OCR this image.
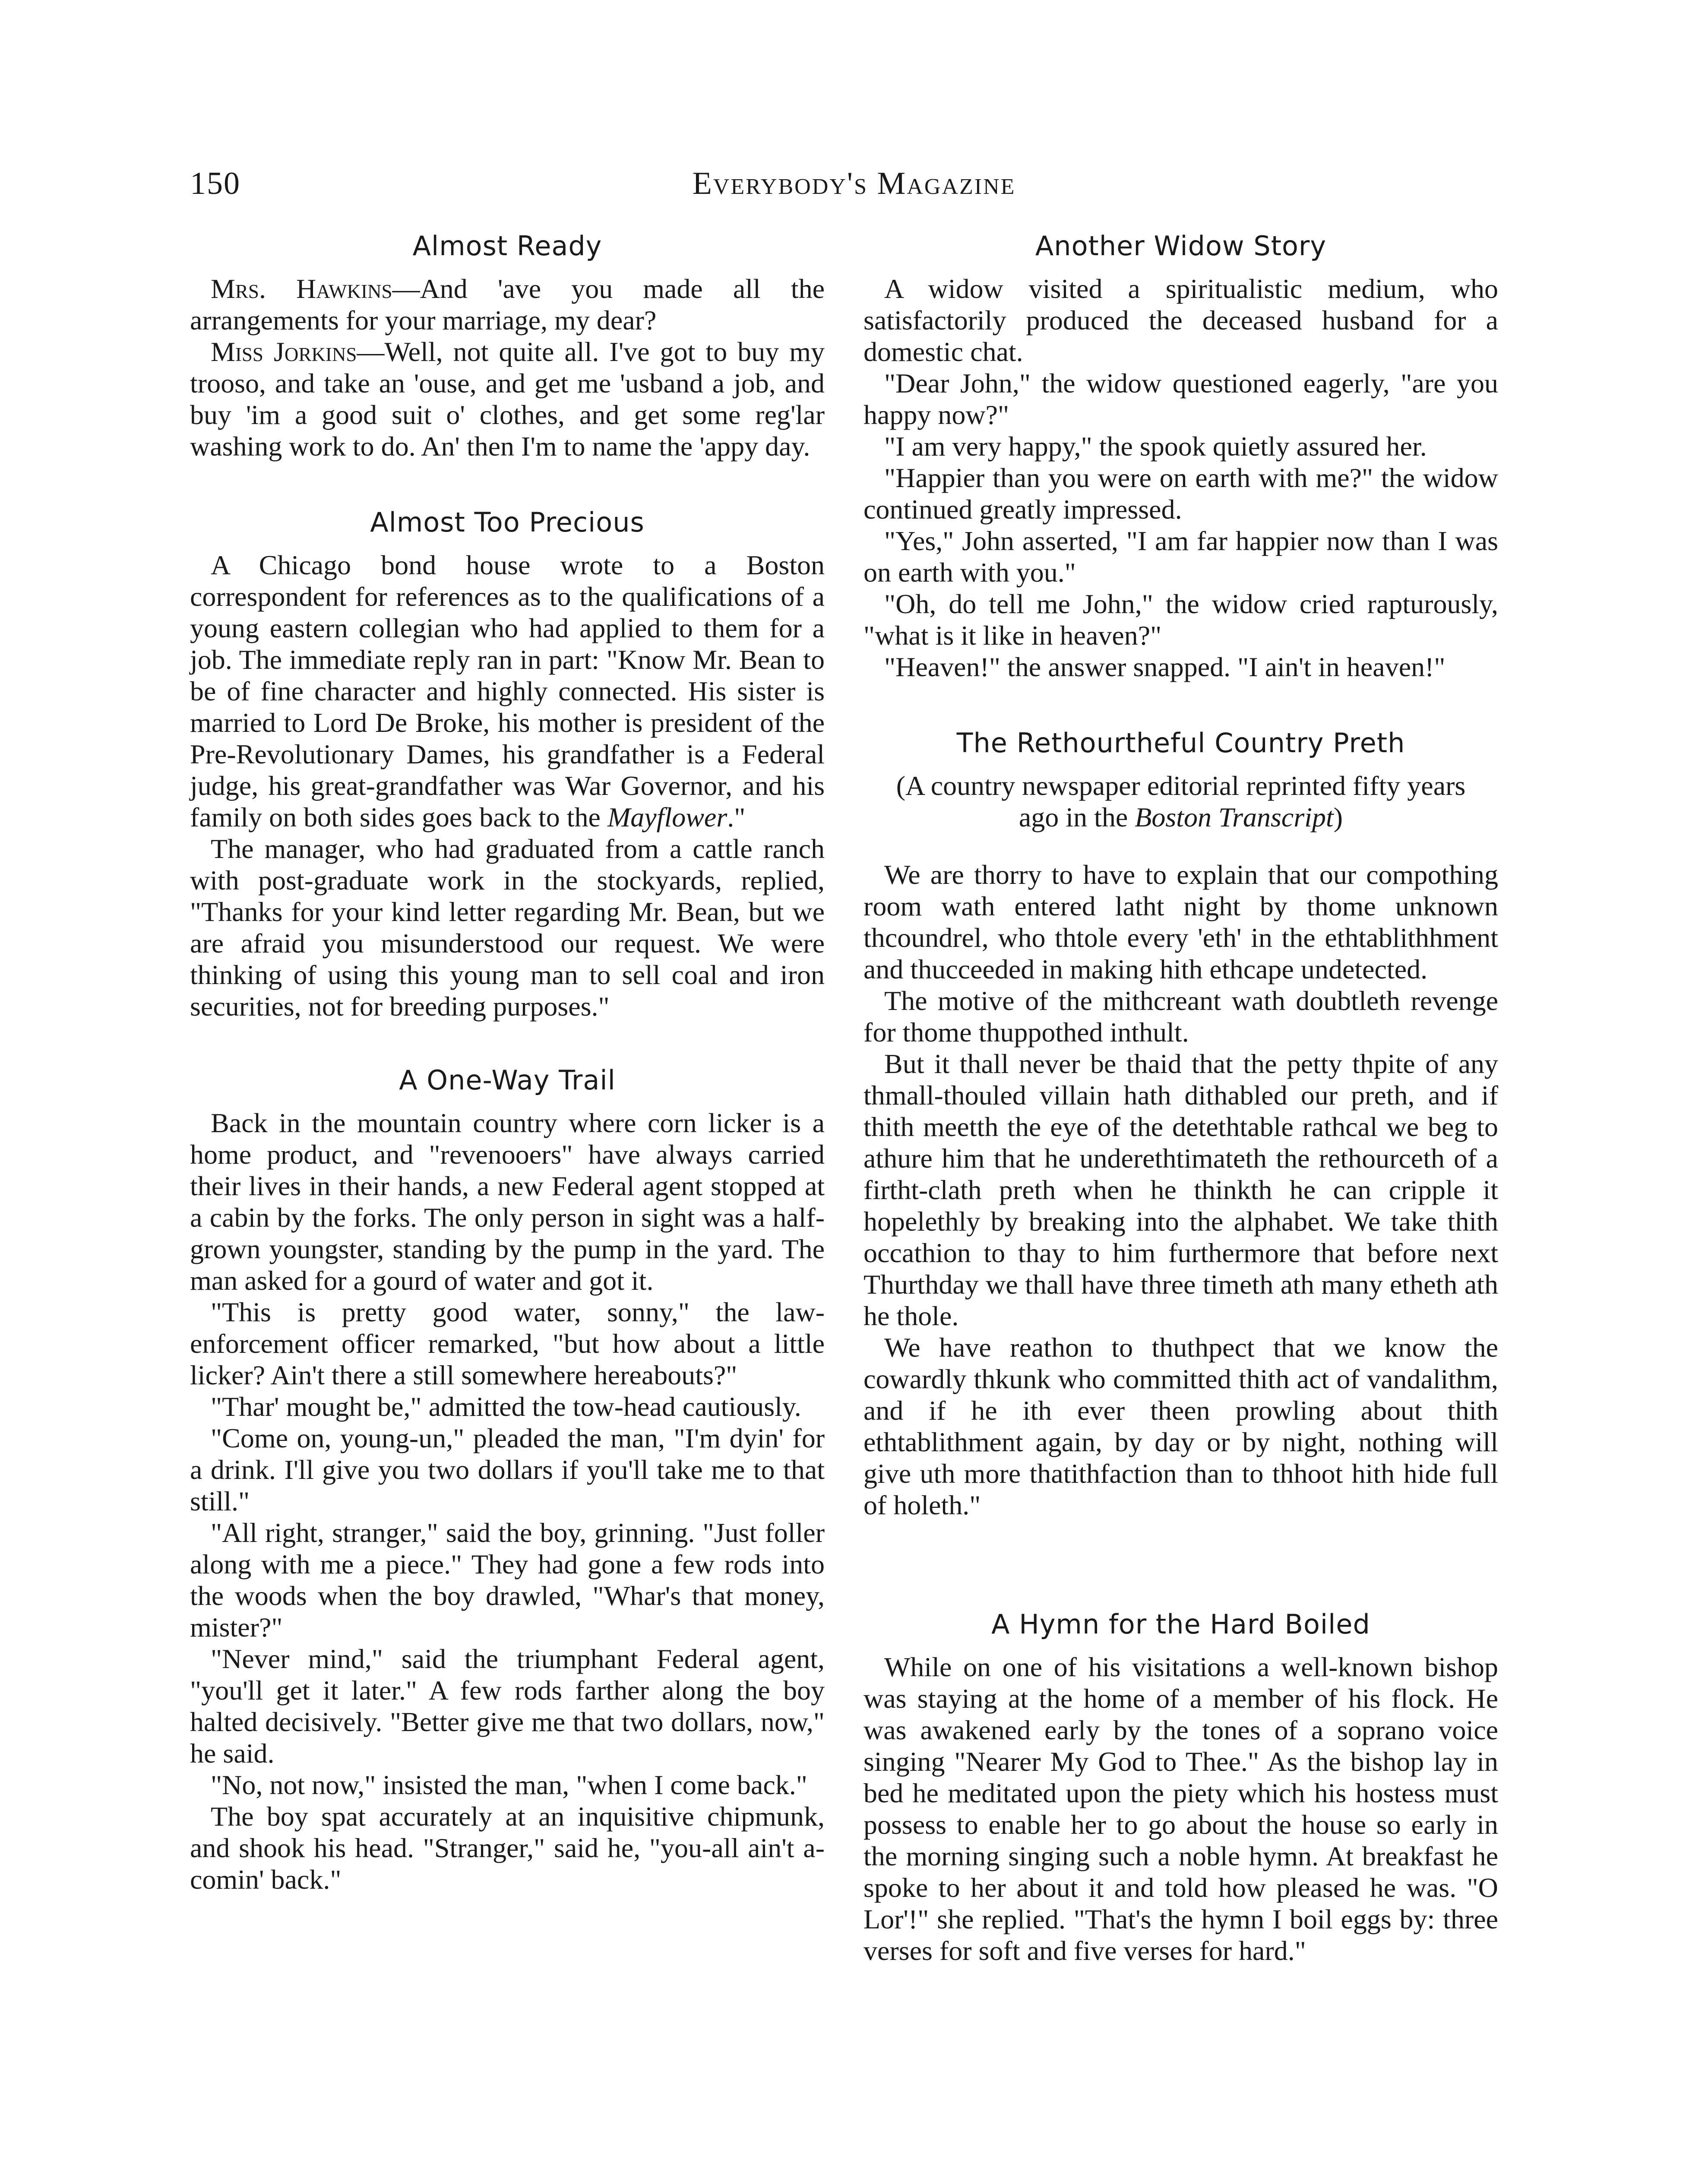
150	Everybody's Magazine
Almost Ready

Mrs. Hawkins—And 'ave you made all the arrangements for your marriage, my dear?

Miss Jorkins—Well, not quite all. I've got to buy my trooso, and take an 'ouse, and get me 'usband a job, and buy 'im a good suit o' clothes, and get some reg'lar washing work to do. An' then I'm to name the 'appy day.

Almost Too Precious

A Chicago bond house wrote to a Boston correspondent for references as to the qualifications of a young eastern collegian who had applied to them for a job. The immediate reply ran in part: "Know Mr. Bean to be of fine character and highly connected. His sister is married to Lord De Broke, his mother is president of the Pre-Revolutionary Dames, his grandfather is a Federal judge, his great-grandfather was War Governor, and his family on both sides goes back to the Mayflower."

The manager, who had graduated from a cattle ranch with post-graduate work in the stockyards, replied, "Thanks for your kind letter regarding Mr. Bean, but we are afraid you misunderstood our request. We were thinking of using this young man to sell coal and iron securities, not for breeding purposes."

A One-Way Trail

Back in the mountain country where corn licker is a home product, and "revenooers" have always carried their lives in their hands, a new Federal agent stopped at a cabin by the forks. The only person in sight was a half-grown youngster, standing by the pump in the yard. The man asked for a gourd of water and got it.

"This is pretty good water, sonny," the law-enforcement officer remarked, "but how about a little licker? Ain't there a still somewhere hereabouts?"

"Thar' mought be," admitted the tow-head cautiously.

"Come on, young-un," pleaded the man, "I'm dyin' for a drink. I'll give you two dollars if you'll take me to that still."

"All right, stranger," said the boy, grinning. "Just foller along with me a piece." They had gone a few rods into the woods when the boy drawled, "Whar's that money, mister?"

"Never mind," said the triumphant Federal agent, "you'll get it later." A few rods farther along the boy halted decisively. "Better give me that two dollars, now," he said.

"No, not now," insisted the man, "when I come back."

The boy spat accurately at an inquisitive chipmunk, and shook his head. "Stranger," said he, "you-all ain't a-comin' back."

Another Widow Story

A widow visited a spiritualistic medium, who satisfactorily produced the deceased husband for a domestic chat.

"Dear John," the widow questioned eagerly, "are you happy now?"

"I am very happy," the spook quietly assured her.

"Happier than you were on earth with me?" the widow continued greatly impressed.

"Yes," John asserted, "I am far happier now than I was on earth with you."

"Oh, do tell me John," the widow cried rapturously, "what is it like in heaven?"

"Heaven!" the answer snapped. "I ain't in heaven!"

The Rethourtheful Country Preth

(A country newspaper editorial reprinted fifty years ago in the Boston Transcript)

We are thorry to have to explain that our compothing room wath entered latht night by thome unknown thcoundrel, who thtole every 'eth' in the ethtablithhment and thucceeded in making hith ethcape undetected.

The motive of the mithcreant wath doubtleth revenge for thome thuppothed inthult.

But it thall never be thaid that the petty thpite of any thmall-thouled villain hath dithabled our preth, and if thith meetth the eye of the detethtable rathcal we beg to athure him that he underethtimateth the rethourceth of a firtht-clath preth when he thinkth he can cripple it hopelethly by breaking into the alphabet. We take thith occathion to thay to him furthermore that before next Thurthday we thall have three timeth ath many etheth ath he thole.

We have reathon to thuthpect that we know the cowardly thkunk who committed thith act of vandalithm, and if he ith ever theen prowling about thith ethtablithment again, by day or by night, nothing will give uth more thatithfaction than to thhoot hith hide full of holeth."

A Hymn for the Hard Boiled

While on one of his visitations a well-known bishop was staying at the home of a member of his flock. He was awakened early by the tones of a soprano voice singing "Nearer My God to Thee." As the bishop lay in bed he meditated upon the piety which his hostess must possess to enable her to go about the house so early in the morning singing such a noble hymn. At breakfast he spoke to her about it and told how pleased he was. "O Lor'!" she replied. "That's the hymn I boil eggs by: three verses for soft and five verses for hard."
